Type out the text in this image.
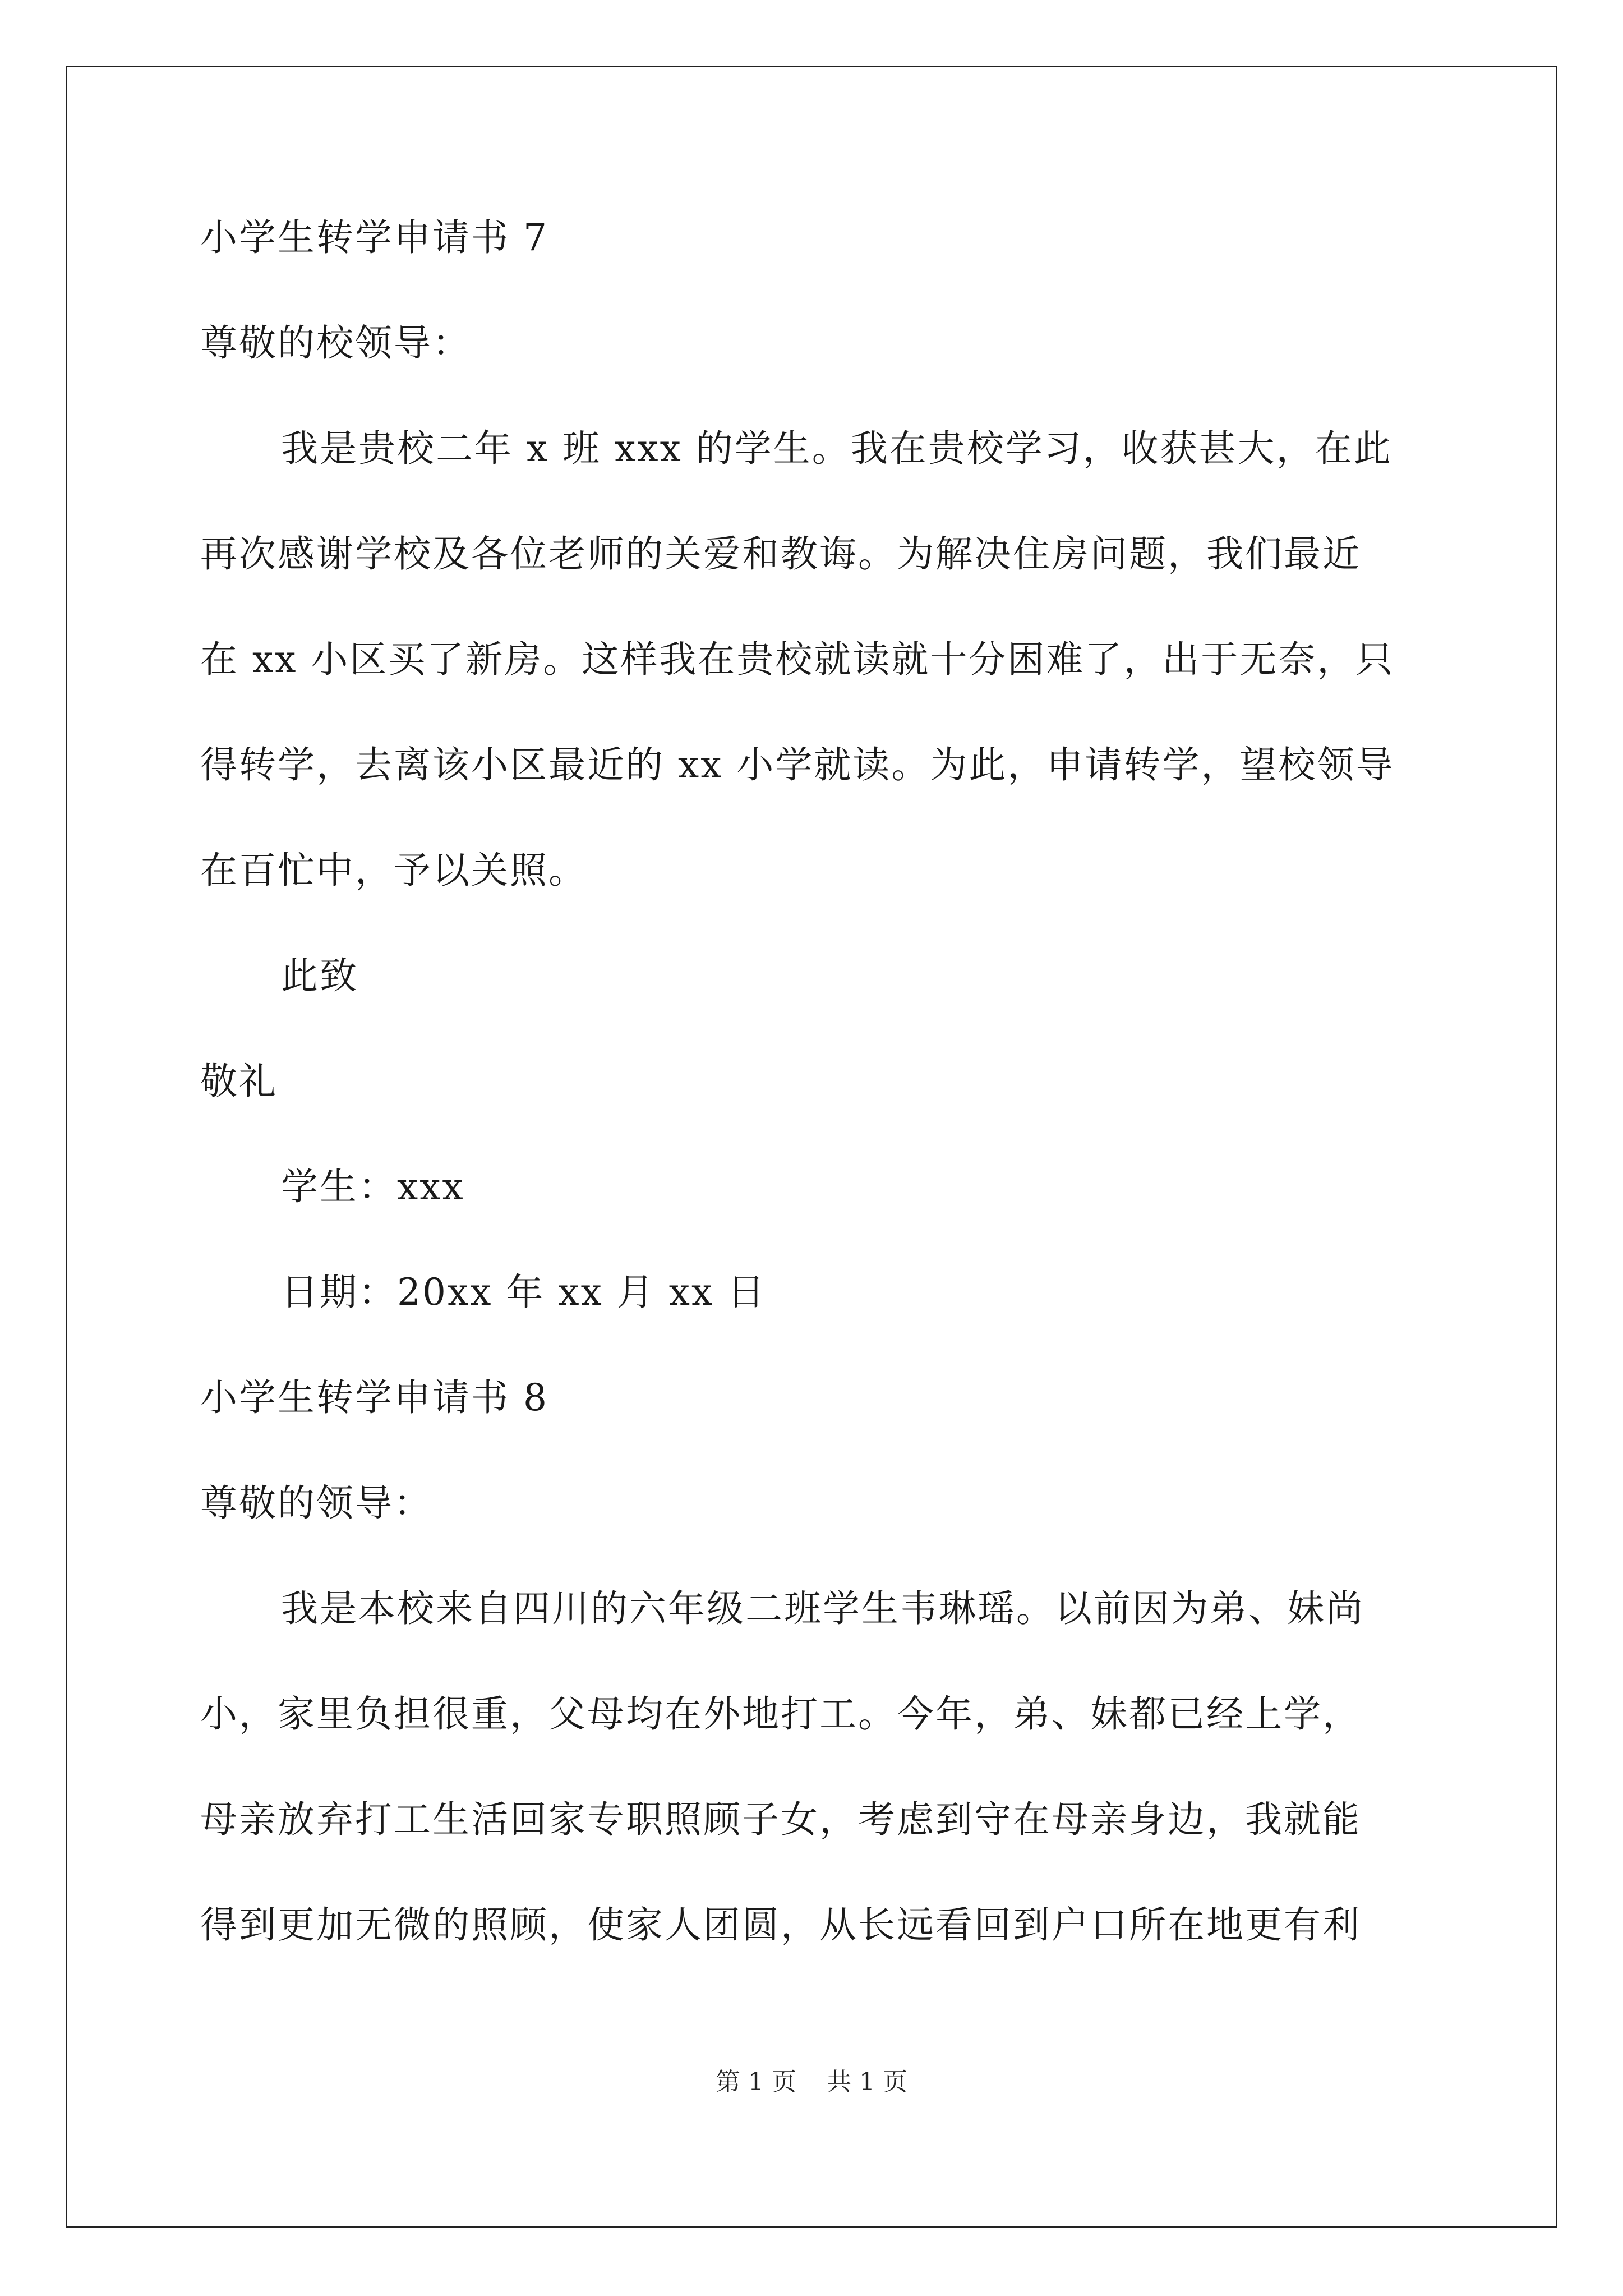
小学生转学申请书 7
尊敬的校领导：
我是贵校二年 x 班 xxx 的学生。我在贵校学习，收获甚大，在此
再次感谢学校及各位老师的关爱和教诲。为解决住房问题，我们最近
在 xx 小区买了新房。这样我在贵校就读就十分困难了，出于无奈，只
得转学，去离该小区最近的 xx 小学就读。为此，申请转学，望校领导
在百忙中，予以关照。
此致
敬礼
学生：xxx
日期：20xx 年 xx 月 xx 日
小学生转学申请书 8
尊敬的领导：
我是本校来自四川的六年级二班学生韦琳瑶。以前因为弟、妹尚
小，家里负担很重，父母均在外地打工。今年，弟、妹都已经上学，
母亲放弃打工生活回家专职照顾子女，考虑到守在母亲身边，我就能
得到更加无微的照顾，使家人团圆，从长远看回到户口所在地更有利
第 1 页 共 1 页
